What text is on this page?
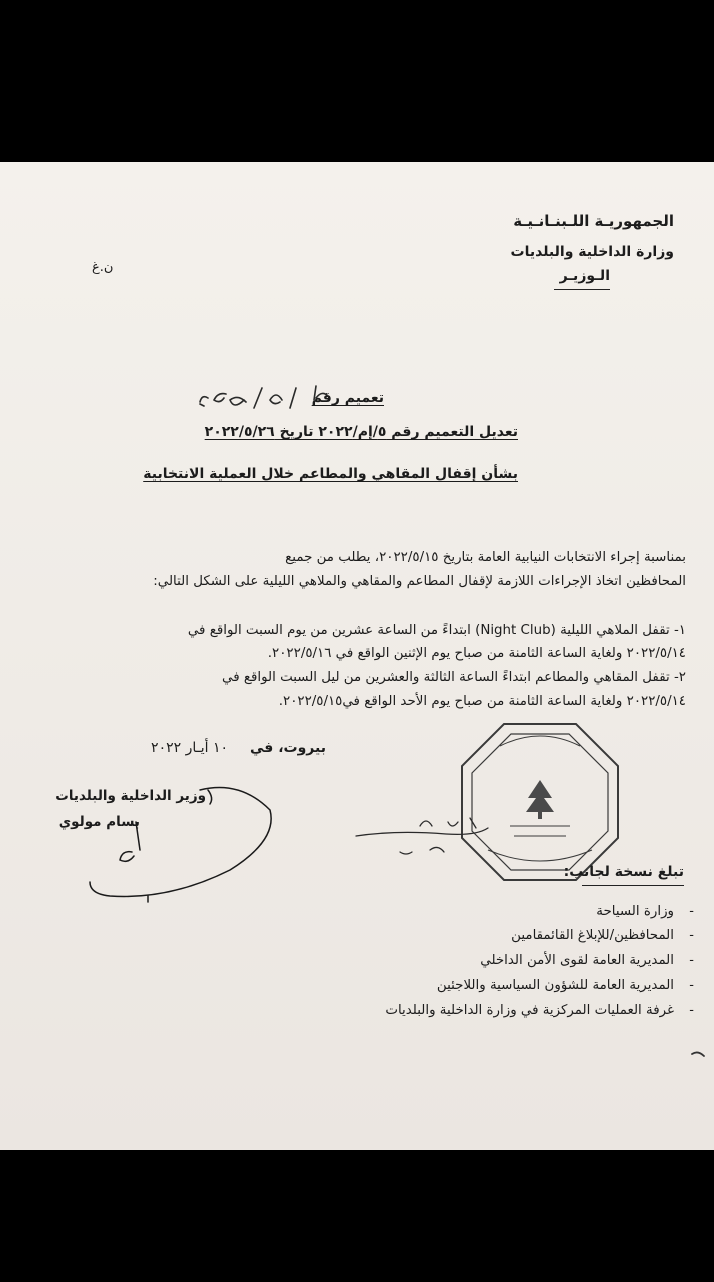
الجمهوريـة اللـبنـانـيـة
وزارة الداخلية والبلديات
الـوزيـر
ن.غ
تعميم رقم
تعديل التعميم رقم ٥/إم/٢٠٢٢ تاريخ ٢٠٢٢/٥/٢٦
بشأن إقفال المقاهي والمطاعم خلال العملية الانتخابية
بمناسبة إجراء الانتخابات النيابية العامة بتاريخ ٢٠٢٢/٥/١٥، يطلب من جميع
المحافظين اتخاذ الإجراءات اللازمة لإقفال المطاعم والمقاهي والملاهي الليلية على الشكل التالي:
١- تقفل الملاهي الليلية (Night Club) ابتداءً من الساعة عشرين من يوم السبت الواقع في
٢٠٢٢/٥/١٤ ولغاية الساعة الثامنة من صباح يوم الإثنين الواقع في ٢٠٢٢/٥/١٦.
٢- تقفل المقاهي والمطاعم ابتداءً الساعة الثالثة والعشرين من ليل السبت الواقع في
٢٠٢٢/٥/١٤ ولغاية الساعة الثامنة من صباح يوم الأحد الواقع في٢٠٢٢/٥/١٥.
بيروت، في
١٠ أيـار ٢٠٢٢
وزير الداخلية والبلديات
بسام مولوي
تبلغ نسخة لجانب:
-
وزارة السياحة
-
المحافظين/للإبلاغ القائمقامين
-
المديرية العامة لقوى الأمن الداخلي
-
المديرية العامة للشؤون السياسية واللاجئين
-
غرفة العمليات المركزية في وزارة الداخلية والبلديات
